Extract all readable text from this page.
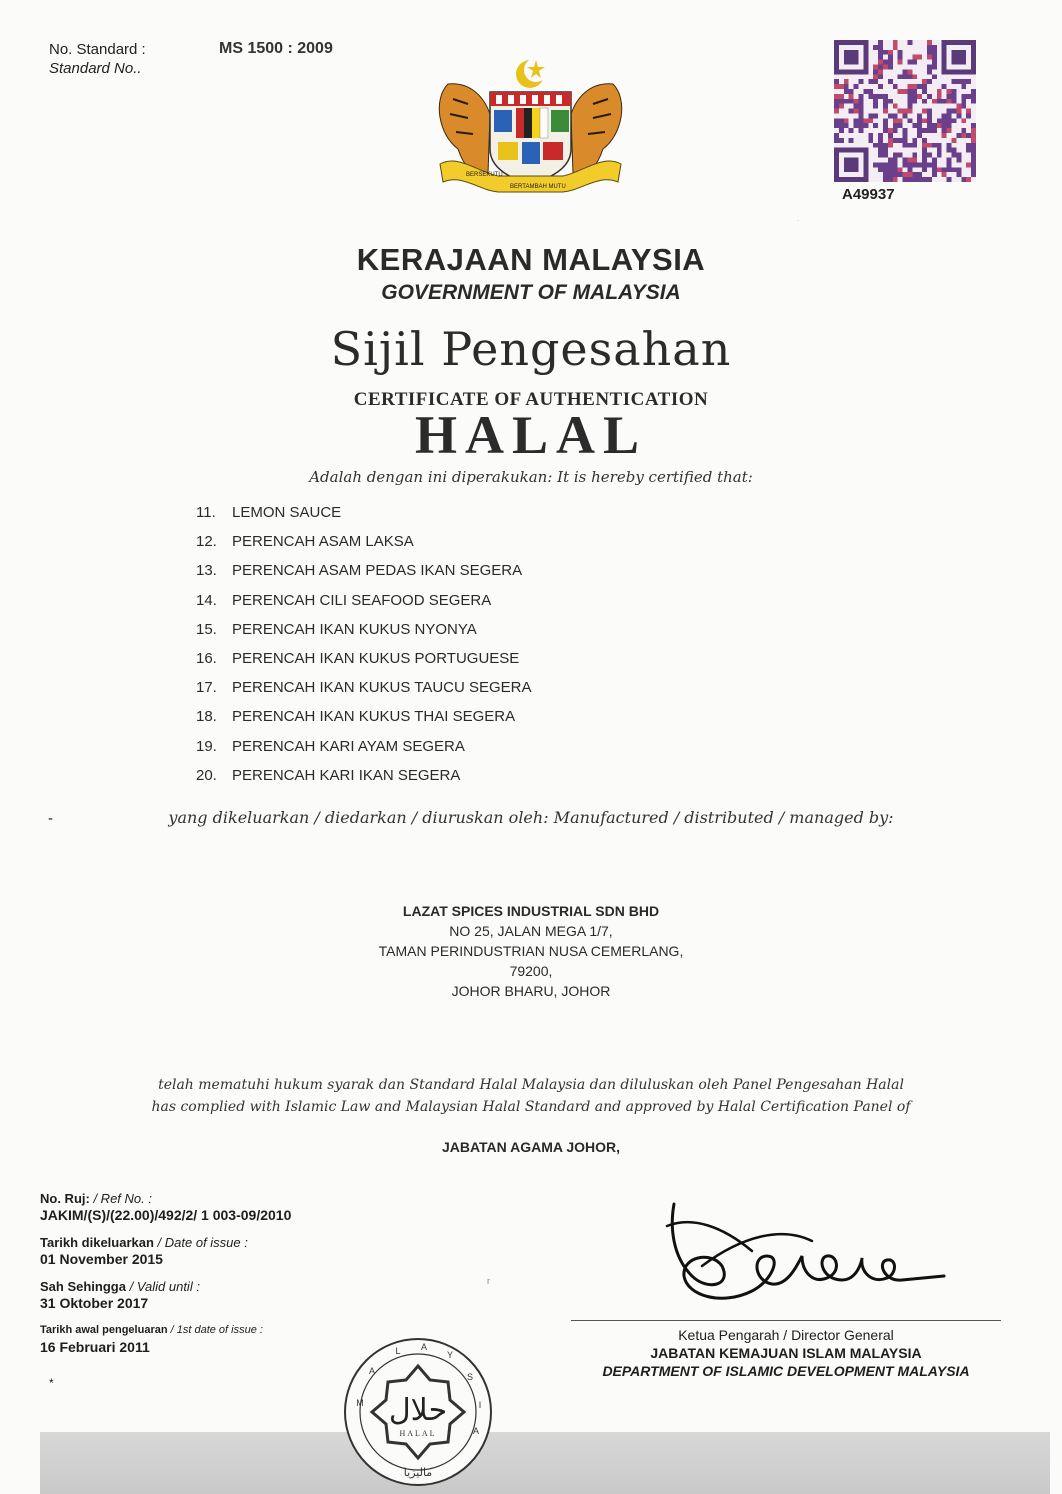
No. Standard :
Standard No..
MS 1500 : 2009
BERSEKUTU
BERTAMBAH MUTU	A49937
.
KERAJAAN MALAYSIA
GOVERNMENT OF MALAYSIA
Sijil Pengesahan
CERTIFICATE OF AUTHENTICATION
HALAL
Adalah dengan ini diperakukan: It is hereby certified that:
11. LEMON SAUCE
12. PERENCAH ASAM LAKSA
13. PERENCAH ASAM PEDAS IKAN SEGERA
14. PERENCAH CILI SEAFOOD SEGERA
15. PERENCAH IKAN KUKUS NYONYA
16. PERENCAH IKAN KUKUS PORTUGUESE
17. PERENCAH IKAN KUKUS TAUCU SEGERA
18. PERENCAH IKAN KUKUS THAI SEGERA
19. PERENCAH KARI AYAM SEGERA
20. PERENCAH KARI IKAN SEGERA
-	yang dikeluarkan / diedarkan / diuruskan oleh: Manufactured / distributed / managed by:
LAZAT SPICES INDUSTRIAL SDN BHD
NO 25, JALAN MEGA 1/7,
TAMAN PERINDUSTRIAN NUSA CEMERLANG,
79200,
JOHOR BHARU, JOHOR
telah mematuhi hukum syarak dan Standard Halal Malaysia dan diluluskan oleh Panel Pengesahan Halal
has complied with Islamic Law and Malaysian Halal Standard and approved by Halal Certification Panel of
JABATAN AGAMA JOHOR,
No. Ruj: / Ref No. :
JAKIM/(S)/(22.00)/492/2/ 1 003-09/2010
Tarikh dikeluarkan / Date of issue :
01 November 2015
Sah Sehingga / Valid until :
31 Oktober 2017
Tarikh awal pengeluaran / 1st date of issue :
16 Februari 2011
*
r
Ketua Pengarah / Director General
JABATAN KEMAJUAN ISLAM MALAYSIA
DEPARTMENT OF ISLAMIC DEVELOPMENT MALAYSIA
M
A
L A
Y
S
I
A
حلال
HALAL
ماليزيا
